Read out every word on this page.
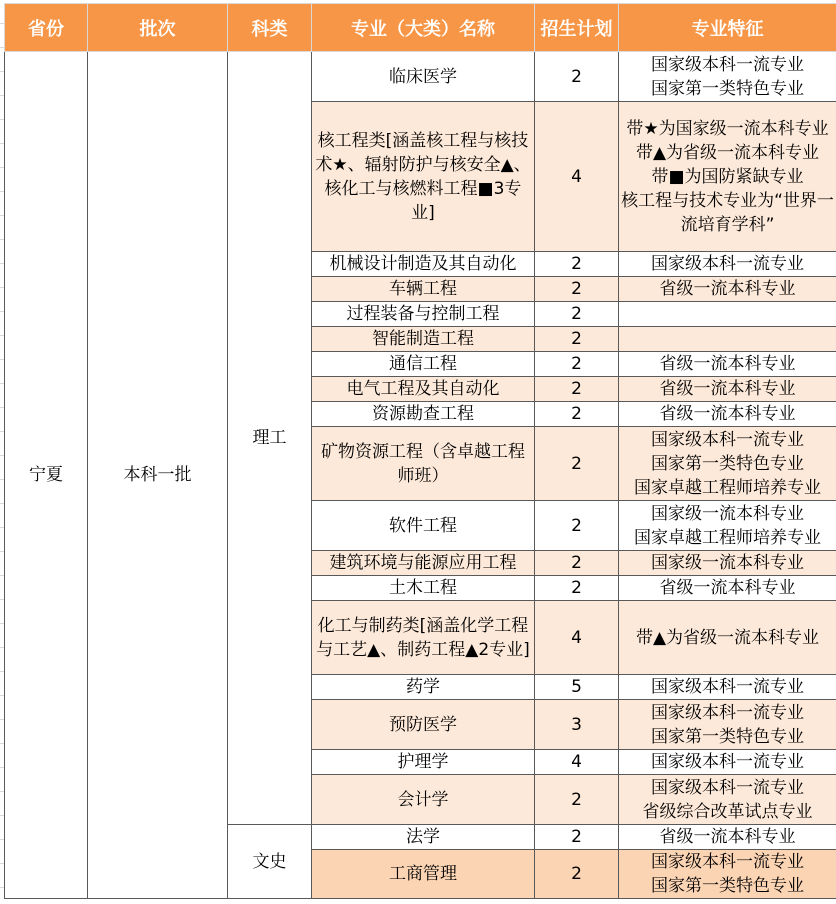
省份	批次	科类	专业（大类）名称	招生计划	专业特征
宁夏	本科一批	理工	临床医学	2	国家级本科一流专业
国家第一类特色专业
			核工程类[涵盖核工程与核技术★、辐射防护与核安全▲、核化工与核燃料工程■3专业]	4	带★为国家级一流本科专业
带▲为省级一流本科专业
带■为国防紧缺专业
核工程与技术专业为“世界一流培育学科”
			机械设计制造及其自动化	2	国家级本科一流专业
			车辆工程	2	省级一流本科专业
			过程装备与控制工程	2	
			智能制造工程	2	
			通信工程	2	省级一流本科专业
			电气工程及其自动化	2	省级一流本科专业
			资源勘查工程	2	省级一流本科专业
			矿物资源工程（含卓越工程师班）	2	国家级本科一流专业
国家第一类特色专业
国家卓越工程师培养专业
			软件工程	2	国家级一流本科专业
国家卓越工程师培养专业
			建筑环境与能源应用工程	2	国家级一流本科专业
			土木工程	2	省级一流本科专业
			化工与制药类[涵盖化学工程与工艺▲、制药工程▲2专业]	4	带▲为省级一流本科专业
			药学	5	国家级本科一流专业
			预防医学	3	国家级本科一流专业
国家第一类特色专业
			护理学	4	国家级本科一流专业
			会计学	2	国家级本科一流专业
省级综合改革试点专业
		文史	法学	2	省级一流本科专业
			工商管理	2	国家级本科一流专业
国家第一类特色专业
